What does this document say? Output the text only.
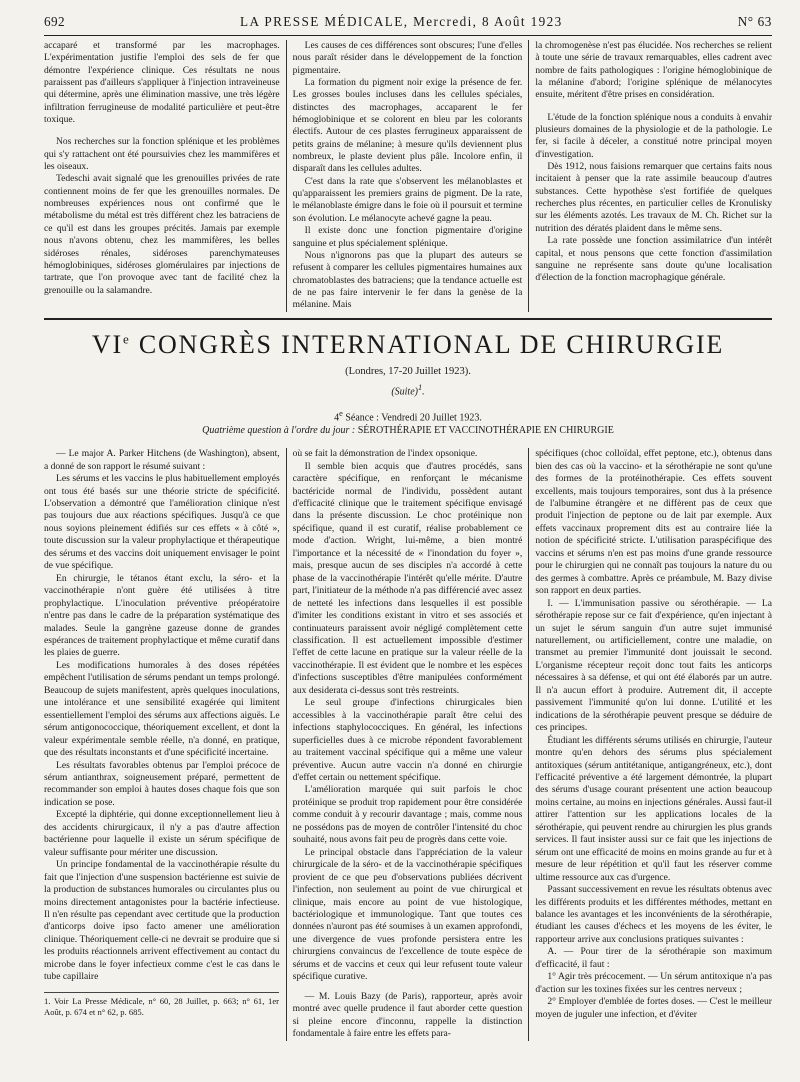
692	LA PRESSE MÉDICALE, Mercredi, 8 Août 1923	N° 63

accaparé et transformé par les macrophages. L'expérimentation justifie l'emploi des sels de fer que démontre l'expérience clinique. Ces résultats ne nous paraissent pas d'ailleurs s'appliquer à l'injection intraveineuse qui détermine, après une élimination massive, une très légère infiltration ferrugineuse de modalité particulière et peut-être toxique.

Nos recherches sur la fonction splénique et les problèmes qui s'y rattachent ont été poursuivies chez les mammifères et les oiseaux.

Tedeschi avait signalé que les grenouilles privées de rate contiennent moins de fer que les grenouilles normales. De nombreuses expériences nous ont confirmé que le métabolisme du métal est très différent chez les batraciens de ce qu'il est dans les groupes précités. Jamais par exemple nous n'avons obtenu, chez les mammifères, les belles sidéroses rénales, sidéroses parenchymateuses hémoglobiniques, sidéroses glomérulaires par injections de tartrate, que l'on provoque avec tant de facilité chez la grenouille ou la salamandre.

Les causes de ces différences sont obscures; l'une d'elles nous paraît résider dans le développement de la fonction pigmentaire.

La formation du pigment noir exige la présence de fer. Les grosses boules incluses dans les cellules spéciales, distinctes des macrophages, accaparent le fer hémoglobinique et se colorent en bleu par les colorants électifs. Autour de ces plastes ferrugineux apparaissent de petits grains de mélanine; à mesure qu'ils deviennent plus nombreux, le plaste devient plus pâle. Incolore enfin, il disparaît dans les cellules adultes.

C'est dans la rate que s'observent les mélanoblastes et qu'apparaissent les premiers grains de pigment. De la rate, le mélanoblaste émigre dans le foie où il poursuit et termine son évolution. Le mélanocyte achevé gagne la peau.

Il existe donc une fonction pigmentaire d'origine sanguine et plus spécialement splénique.

Nous n'ignorons pas que la plupart des auteurs se refusent à comparer les cellules pigmentaires humaines aux chromatoblastes des batraciens; que la tendance actuelle est de ne pas faire intervenir le fer dans la genèse de la mélanine. Mais

la chromogenèse n'est pas élucidée. Nos recherches se relient à toute une série de travaux remarquables, elles cadrent avec nombre de faits pathologiques : l'origine hémoglobinique de la mélanine d'abord; l'origine splénique de mélanocytes ensuite, méritent d'être prises en considération.

L'étude de la fonction splénique nous a conduits à envahir plusieurs domaines de la physiologie et de la pathologie. Le fer, si facile à déceler, a constitué notre principal moyen d'investigation.

Dès 1912, nous faisions remarquer que certains faits nous incitaient à penser que la rate assimile beaucoup d'autres substances. Cette hypothèse s'est fortifiée de quelques recherches plus récentes, en particulier celles de Kronulisky sur les éléments azotés. Les travaux de M. Ch. Richet sur la nutrition des dératés plaident dans le même sens.

La rate possède une fonction assimilatrice d'un intérêt capital, et nous pensons que cette fonction d'assimilation sanguine ne représente sans doute qu'une localisation d'élection de la fonction macrophagique générale.

VIe CONGRÈS INTERNATIONAL DE CHIRURGIE
(Londres, 17-20 Juillet 1923).
(Suite)$^1$.
4e Séance : Vendredi 20 Juillet 1923.
Quatrième question à l'ordre du jour : SÉROTHÉRAPIE ET VACCINOTHÉRAPIE EN CHIRURGIE

— Le major A. Parker Hitchens (de Washington), absent, a donné de son rapport le résumé suivant :

Les sérums et les vaccins le plus habituellement employés ont tous été basés sur une théorie stricte de spécificité. L'observation a démontré que l'amélioration clinique n'est pas toujours due aux réactions spécifiques. Jusqu'à ce que nous soyions pleinement édifiés sur ces effets « à côté », toute discussion sur la valeur prophylactique et thérapeutique des sérums et des vaccins doit uniquement envisager le point de vue spécifique.

En chirurgie, le tétanos étant exclu, la séro- et la vaccinothérapie n'ont guère été utilisées à titre prophylactique. L'inoculation préventive préopératoire n'entre pas dans le cadre de la préparation systématique des malades. Seule la gangrène gazeuse donne de grandes espérances de traitement prophylactique et même curatif dans les plaies de guerre.

Les modifications humorales à des doses répétées empêchent l'utilisation de sérums pendant un temps prolongé. Beaucoup de sujets manifestent, après quelques inoculations, une intolérance et une sensibilité exagérée qui limitent essentiellement l'emploi des sérums aux affections aiguës. Le sérum antigonococcique, théoriquement excellent, et dont la valeur expérimentale semble réelle, n'a donné, en pratique, que des résultats inconstants et d'une spécificité incertaine.

Les résultats favorables obtenus par l'emploi précoce de sérum antianthrax, soigneusement préparé, permettent de recommander son emploi à hautes doses chaque fois que son indication se pose.

Excepté la diphtérie, qui donne exceptionnellement lieu à des accidents chirurgicaux, il n'y a pas d'autre affection bactérienne pour laquelle il existe un sérum spécifique de valeur suffisante pour mériter une discussion.

Un principe fondamental de la vaccinothérapie résulte du fait que l'injection d'une suspension bactérienne est suivie de la production de substances humorales ou circulantes plus ou moins directement antagonistes pour la bactérie infectieuse. Il n'en résulte pas cependant avec certitude que la production d'anticorps doive ipso facto amener une amélioration clinique. Théoriquement celle-ci ne devrait se produire que si les produits réactionnels arrivent effectivement au contact du microbe dans le foyer infectieux comme c'est le cas dans le tube capillaire

1. Voir La Presse Médicale, n° 60, 28 Juillet, p. 663; n° 61, 1er Août, p. 674 et n° 62, p. 685.

où se fait la démonstration de l'index opsonique.

Il semble bien acquis que d'autres procédés, sans caractère spécifique, en renforçant le mécanisme bactéricide normal de l'individu, possèdent autant d'efficacité clinique que le traitement spécifique envisagé dans la présente discussion. Le choc protéinique non spécifique, quand il est curatif, réalise probablement ce mode d'action. Wright, lui-même, a bien montré l'importance et la nécessité de « l'inondation du foyer », mais, presque aucun de ses disciples n'a accordé à cette phase de la vaccinothérapie l'intérêt qu'elle mérite. D'autre part, l'initiateur de la méthode n'a pas différencié avec assez de netteté les infections dans lesquelles il est possible d'imiter les conditions existant in vitro et ses associés et continuateurs paraissent avoir négligé complètement cette classification. Il est actuellement impossible d'estimer l'effet de cette lacune en pratique sur la valeur réelle de la vaccinothérapie. Il est évident que le nombre et les espèces d'infections susceptibles d'être manipulées conformément aux desiderata ci-dessus sont très restreints.

Le seul groupe d'infections chirurgicales bien accessibles à la vaccinothérapie paraît être celui des infections staphylococciques. En général, les infections superficielles dues à ce microbe répondent favorablement au traitement vaccinal spécifique qui a même une valeur préventive. Aucun autre vaccin n'a donné en chirurgie d'effet certain ou nettement spécifique.

L'amélioration marquée qui suit parfois le choc protéinique se produit trop rapidement pour être considérée comme conduit à y recourir davantage ; mais, comme nous ne possédons pas de moyen de contrôler l'intensité du choc souhaité, nous avons fait peu de progrès dans cette voie.

Le principal obstacle dans l'appréciation de la valeur chirurgicale de la séro- et de la vaccinothérapie spécifiques provient de ce que peu d'observations publiées décrivent l'infection, non seulement au point de vue chirurgical et clinique, mais encore au point de vue histologique, bactériologique et immunologique. Tant que toutes ces données n'auront pas été soumises à un examen approfondi, une divergence de vues profonde persistera entre les chirurgiens convaincus de l'excellence de toute espèce de sérums et de vaccins et ceux qui leur refusent toute valeur spécifique curative.

— M. Louis Bazy (de Paris), rapporteur, après avoir montré avec quelle prudence il faut aborder cette question si pleine encore d'inconnu, rappelle la distinction fondamentale à faire entre les effets para-

spécifiques (choc colloïdal, effet peptone, etc.), obtenus dans bien des cas où la vaccino- et la sérothérapie ne sont qu'une des formes de la protéinothérapie. Ces effets souvent excellents, mais toujours temporaires, sont dus à la présence de l'albumine étrangère et ne diffèrent pas de ceux que produit l'injection de peptone ou de lait par exemple. Aux effets vaccinaux proprement dits est au contraire liée la notion de spécificité stricte. L'utilisation paraspécifique des vaccins et sérums n'en est pas moins d'une grande ressource pour le chirurgien qui ne connaît pas toujours la nature du ou des germes à combattre. Après ce préambule, M. Bazy divise son rapport en deux parties.

I. — L'immunisation passive ou sérothérapie. — La sérothérapie repose sur ce fait d'expérience, qu'en injectant à un sujet le sérum sanguin d'un autre sujet immunisé naturellement, ou artificiellement, contre une maladie, on transmet au premier l'immunité dont jouissait le second. L'organisme récepteur reçoit donc tout faits les anticorps nécessaires à sa défense, et qui ont été élaborés par un autre. Il n'a aucun effort à produire. Autrement dit, il accepte passivement l'immunité qu'on lui donne. L'utilité et les indications de la sérothérapie peuvent presque se déduire de ces principes.

Étudiant les différents sérums utilisés en chirurgie, l'auteur montre qu'en dehors des sérums plus spécialement antitoxiques (sérum antitétanique, antigangréneux, etc.), dont l'efficacité préventive a été largement démontrée, la plupart des sérums d'usage courant présentent une action beaucoup moins certaine, au moins en injections générales. Aussi faut-il attirer l'attention sur les applications locales de la sérothérapie, qui peuvent rendre au chirurgien les plus grands services. Il faut insister aussi sur ce fait que les injections de sérum ont une efficacité de moins en moins grande au fur et à mesure de leur répétition et qu'il faut les réserver comme ultime ressource aux cas d'urgence.

Passant successivement en revue les résultats obtenus avec les différents produits et les différentes méthodes, mettant en balance les avantages et les inconvénients de la sérothérapie, étudiant les causes d'échecs et les moyens de les éviter, le rapporteur arrive aux conclusions pratiques suivantes :

A. — Pour tirer de la sérothérapie son maximum d'efficacité, il faut :

1° Agir très précocement. — Un sérum antitoxique n'a pas d'action sur les toxines fixées sur les centres nerveux ;

2° Employer d'emblée de fortes doses. — C'est le meilleur moyen de juguler une infection, et d'éviter
